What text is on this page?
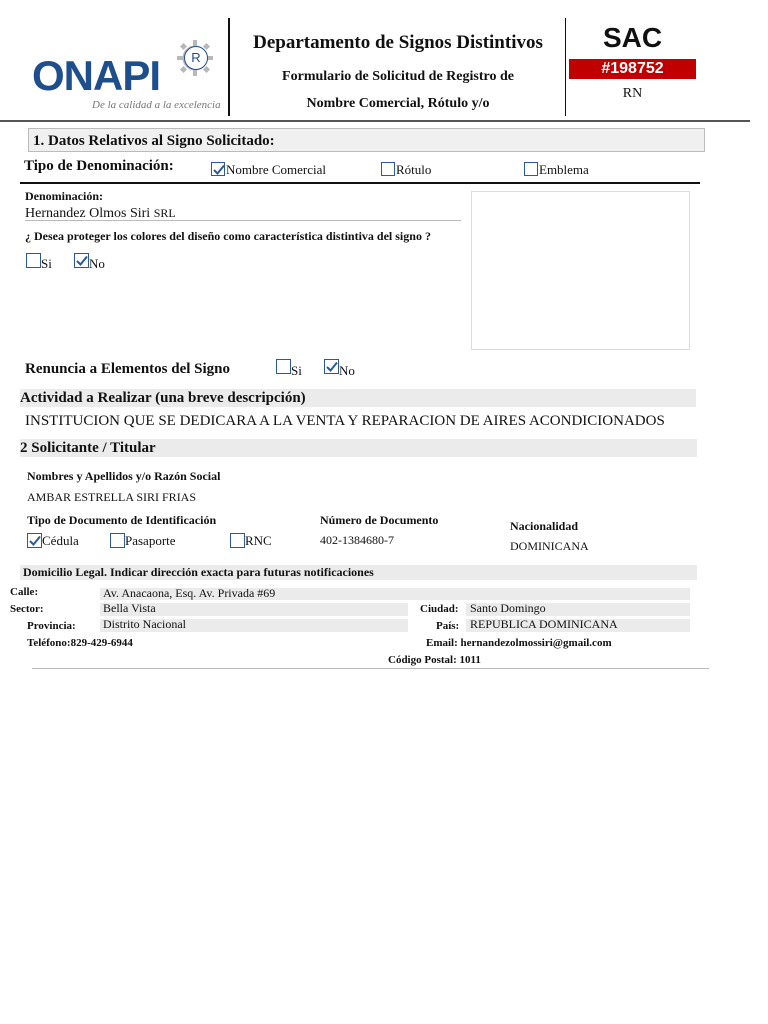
R
ONAPI
De la calidad a la excelencia
Departamento de Signos Distintivos
Formulario de Solicitud de Registro de
Nombre Comercial, Rótulo y/o
SAC
#198752
RN
1. Datos Relativos al Signo Solicitado:
Tipo de Denominación:	Nombre Comercial	Rótulo	Emblema
Denominación:
Hernandez Olmos Siri SRL
¿ Desea proteger los colores del diseño como característica distintiva del signo ?
Si	No
Renuncia a Elementos del Signo	Si	No
Actividad a Realizar (una breve descripción)
INSTITUCION QUE SE DEDICARA A LA VENTA Y REPARACION DE AIRES ACONDICIONADOS
2 Solicitante / Titular
Nombres y Apellidos y/o Razón Social
AMBAR ESTRELLA SIRI FRIAS
Tipo de Documento de Identificación
Cédula	Pasaporte	RNC
Número de Documento
402-1384680-7
Nacionalidad
DOMINICANA
Domicilio Legal. Indicar dirección exacta para futuras notificaciones
Calle:	Av. Anacaona, Esq. Av. Privada #69
Sector:	Bella Vista	Ciudad: Santo Domingo
Provincia: Distrito Nacional	País: REPUBLICA DOMINICANA
Teléfono:829-429-6944	Email: hernandezolmossiri@gmail.com
Código Postal: 1011
